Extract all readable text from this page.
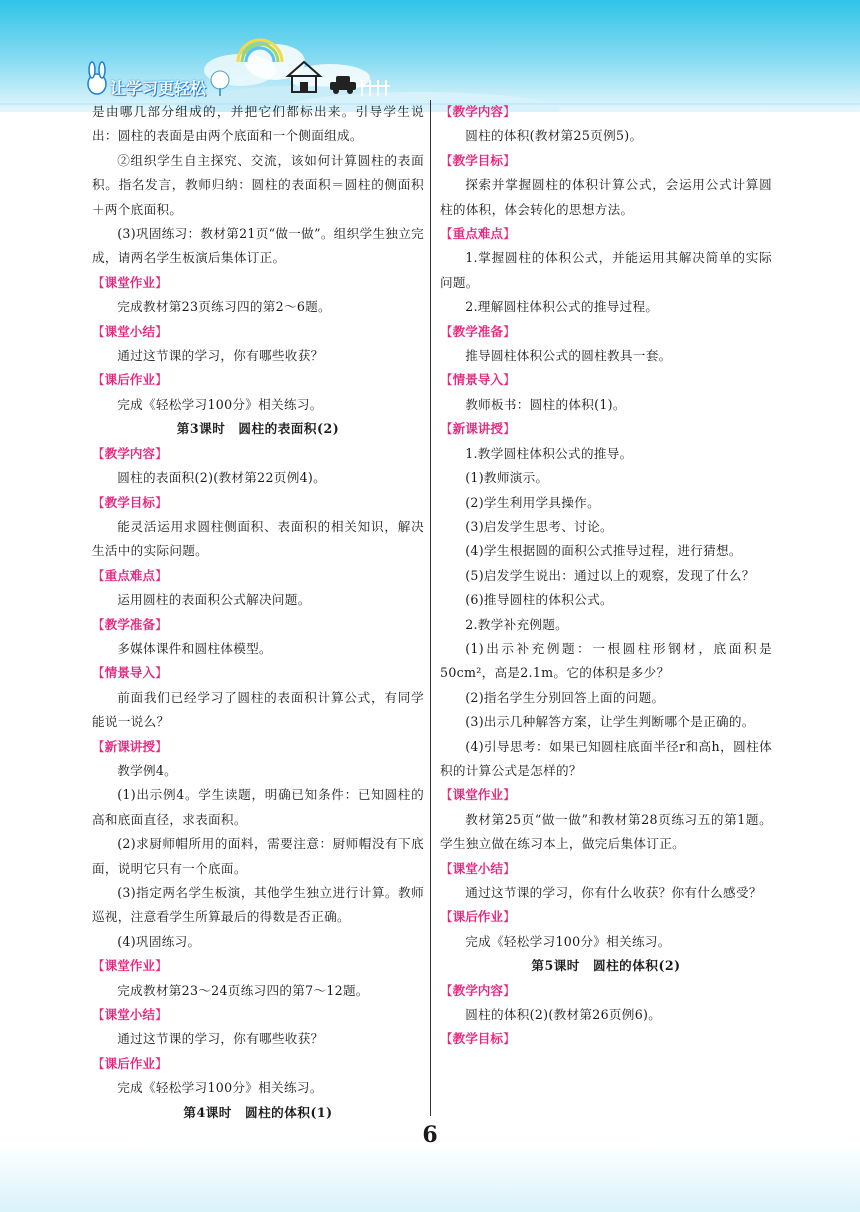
让学习更轻松

是由哪几部分组成的，并把它们都标出来。引导学生说出：圆柱的表面是由两个底面和一个侧面组成。

②组织学生自主探究、交流，该如何计算圆柱的表面积。指名发言，教师归纳：圆柱的表面积＝圆柱的侧面积＋两个底面积。

(3)巩固练习：教材第21页“做一做”。组织学生独立完成，请两名学生板演后集体订正。

【课堂作业】

完成教材第23页练习四的第2～6题。

【课堂小结】

通过这节课的学习，你有哪些收获？

【课后作业】

完成《轻松学习100分》相关练习。

第3课时　圆柱的表面积(2)
【教学内容】

圆柱的表面积(2)(教材第22页例4)。

【教学目标】

能灵活运用求圆柱侧面积、表面积的相关知识，解决生活中的实际问题。

【重点难点】

运用圆柱的表面积公式解决问题。

【教学准备】

多媒体课件和圆柱体模型。

【情景导入】

前面我们已经学习了圆柱的表面积计算公式，有同学能说一说么？

【新课讲授】

教学例4。

(1)出示例4。学生读题，明确已知条件：已知圆柱的高和底面直径，求表面积。

(2)求厨师帽所用的面料，需要注意：厨师帽没有下底面，说明它只有一个底面。

(3)指定两名学生板演，其他学生独立进行计算。教师巡视，注意看学生所算最后的得数是否正确。

(4)巩固练习。

【课堂作业】

完成教材第23～24页练习四的第7～12题。

【课堂小结】

通过这节课的学习，你有哪些收获？

【课后作业】

完成《轻松学习100分》相关练习。

第4课时　圆柱的体积(1)
【教学内容】

圆柱的体积(教材第25页例5)。

【教学目标】

探索并掌握圆柱的体积计算公式，会运用公式计算圆柱的体积，体会转化的思想方法。

【重点难点】

1.掌握圆柱的体积公式，并能运用其解决简单的实际问题。

2.理解圆柱体积公式的推导过程。

【教学准备】

推导圆柱体积公式的圆柱教具一套。

【情景导入】

教师板书：圆柱的体积(1)。

【新课讲授】

1.教学圆柱体积公式的推导。

(1)教师演示。

(2)学生利用学具操作。

(3)启发学生思考、讨论。

(4)学生根据圆的面积公式推导过程，进行猜想。

(5)启发学生说出：通过以上的观察，发现了什么？

(6)推导圆柱的体积公式。

2.教学补充例题。

(1)出示补充例题：一根圆柱形钢材，底面积是50cm²，高是2.1m。它的体积是多少？

(2)指名学生分别回答上面的问题。

(3)出示几种解答方案，让学生判断哪个是正确的。

(4)引导思考：如果已知圆柱底面半径r和高h，圆柱体积的计算公式是怎样的？

【课堂作业】

教材第25页“做一做”和教材第28页练习五的第1题。学生独立做在练习本上，做完后集体订正。

【课堂小结】

通过这节课的学习，你有什么收获？你有什么感受？

【课后作业】

完成《轻松学习100分》相关练习。

第5课时　圆柱的体积(2)
【教学内容】

圆柱的体积(2)(教材第26页例6)。

【教学目标】
6
